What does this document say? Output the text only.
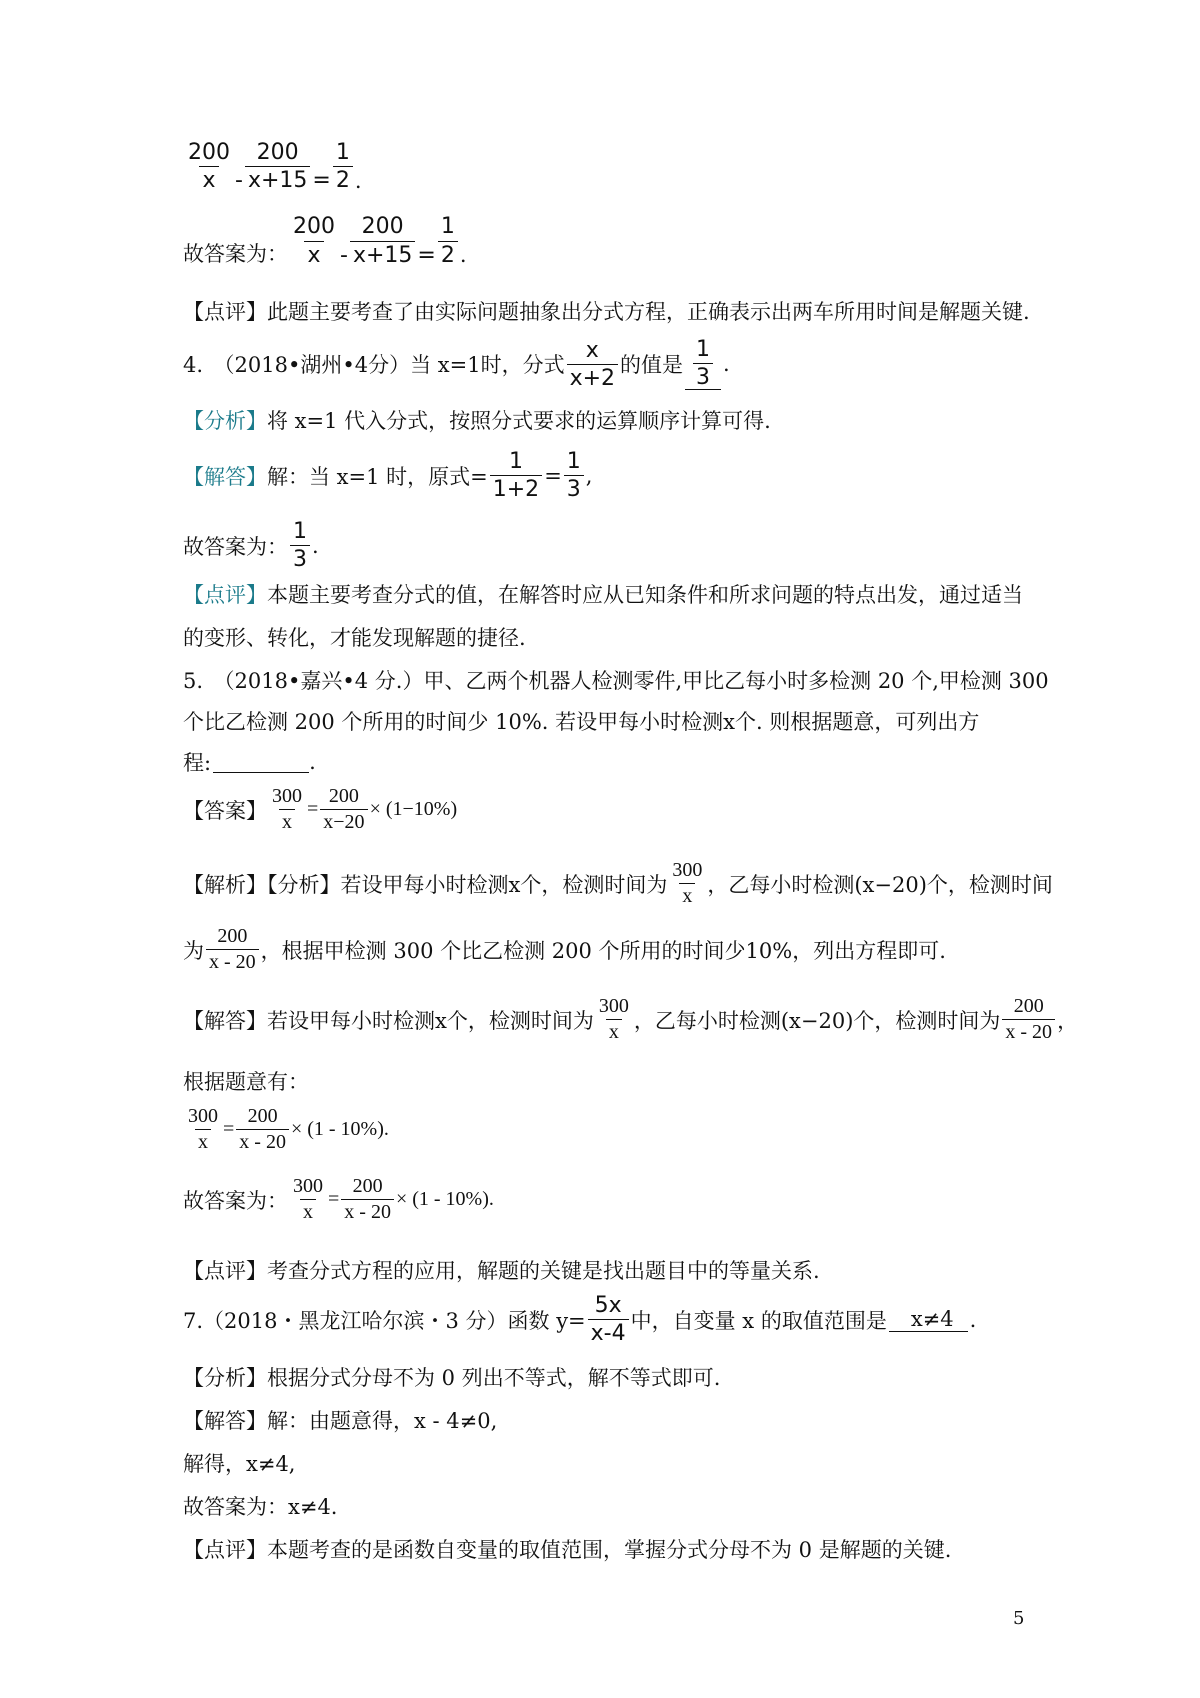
$\frac{200}{x} - \frac{200}{x+15} = \frac{1}{2}$ .
故答案为： $\frac{200}{x} - \frac{200}{x+15} = \frac{1}{2}$ .
【点评】 此题主要考查了由实际问题抽象出分式方程，正确表示出两车所用时间是解题关键.
4.　（2018•湖州•4分）当 x=1时，分式 $\frac{x}{x+2}$ 的值是 $\frac{1}{3}$ .
【分析】 将 x=1 代入分式，按照分式要求的运算顺序计算可得.
【解答】 解：当 x=1 时，原式= $\frac{1}{1+2} = \frac{1}{3}$ ,
故答案为： $\frac{1}{3}$ .
【点评】 本题主要考查分式的值，在解答时应从已知条件和所求问题的特点出发，通过适当
的变形、转化，才能发现解题的捷径.
5.　（2018•嘉兴•4 分.）甲、乙两个机器人检测零件,甲比乙每小时多检测 20 个,甲检测 300
个比乙检测 200 个所用的时间少 10%. 若设甲每小时检测x个. 则根据题意，可列出方
程:	.
【答案】 $\frac{300}{x} = \frac{200}{x-20} \times (1-10\%)$
【解析】【分析】 若设甲每小时检测x个，检测时间为 $\frac{300}{x}$ ，乙每小时检测(x−20)个，检测时间
为 $\frac{200}{x - 20}$ ，根据甲检测 300 个比乙检测 200 个所用的时间少10%，列出方程即可.
【解答】 若设甲每小时检测x个，检测时间为 $\frac{300}{x}$ ，乙每小时检测(x−20)个，检测时间为 $\frac{200}{x - 20}$ ，
根据题意有：
$\frac{300}{x} = \frac{200}{x - 20} \times (1 - 10\%)$.
故答案为： $\frac{300}{x} = \frac{200}{x - 20} \times (1 - 10\%)$.
【点评】 考查分式方程的应用，解题的关键是找出题目中的等量关系.
7.（2018・黑龙江哈尔滨・3 分）函数 $y= \frac{5x}{x-4}$ 中，自变量 x 的取值范围是	x≠4 .
【分析】 根据分式分母不为 0 列出不等式，解不等式即可.
【解答】 解：由题意得，x - 4≠0,
解得，x≠4,
故答案为：x≠4.
【点评】 本题考查的是函数自变量的取值范围，掌握分式分母不为 0 是解题的关键.
5
